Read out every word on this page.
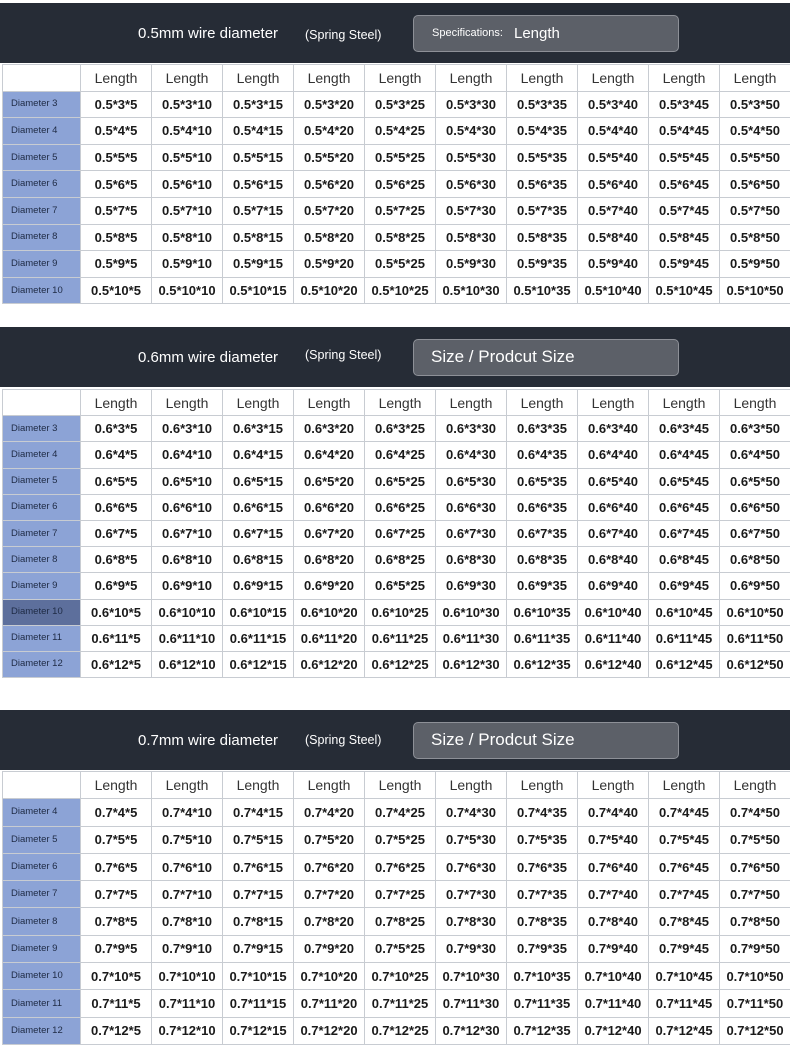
0.5mm wire diameter (Spring Steel)	Specifications: Length
	Length	Length	Length	Length	Length	Length	Length	Length	Length	Length
Diameter 3	0.5*3*5	0.5*3*10	0.5*3*15	0.5*3*20	0.5*3*25	0.5*3*30	0.5*3*35	0.5*3*40	0.5*3*45	0.5*3*50
Diameter 4	0.5*4*5	0.5*4*10	0.5*4*15	0.5*4*20	0.5*4*25	0.5*4*30	0.5*4*35	0.5*4*40	0.5*4*45	0.5*4*50
Diameter 5	0.5*5*5	0.5*5*10	0.5*5*15	0.5*5*20	0.5*5*25	0.5*5*30	0.5*5*35	0.5*5*40	0.5*5*45	0.5*5*50
Diameter 6	0.5*6*5	0.5*6*10	0.5*6*15	0.5*6*20	0.5*6*25	0.5*6*30	0.5*6*35	0.5*6*40	0.5*6*45	0.5*6*50
Diameter 7	0.5*7*5	0.5*7*10	0.5*7*15	0.5*7*20	0.5*7*25	0.5*7*30	0.5*7*35	0.5*7*40	0.5*7*45	0.5*7*50
Diameter 8	0.5*8*5	0.5*8*10	0.5*8*15	0.5*8*20	0.5*8*25	0.5*8*30	0.5*8*35	0.5*8*40	0.5*8*45	0.5*8*50
Diameter 9	0.5*9*5	0.5*9*10	0.5*9*15	0.5*9*20	0.5*5*25	0.5*9*30	0.5*9*35	0.5*9*40	0.5*9*45	0.5*9*50
Diameter 10	0.5*10*5	0.5*10*10	0.5*10*15	0.5*10*20	0.5*10*25	0.5*10*30	0.5*10*35	0.5*10*40	0.5*10*45	0.5*10*50
0.6mm wire diameter (Spring Steel)	Size / Prodcut Size
	Length	Length	Length	Length	Length	Length	Length	Length	Length	Length
Diameter 3	0.6*3*5	0.6*3*10	0.6*3*15	0.6*3*20	0.6*3*25	0.6*3*30	0.6*3*35	0.6*3*40	0.6*3*45	0.6*3*50
Diameter 4	0.6*4*5	0.6*4*10	0.6*4*15	0.6*4*20	0.6*4*25	0.6*4*30	0.6*4*35	0.6*4*40	0.6*4*45	0.6*4*50
Diameter 5	0.6*5*5	0.6*5*10	0.6*5*15	0.6*5*20	0.6*5*25	0.6*5*30	0.6*5*35	0.6*5*40	0.6*5*45	0.6*5*50
Diameter 6	0.6*6*5	0.6*6*10	0.6*6*15	0.6*6*20	0.6*6*25	0.6*6*30	0.6*6*35	0.6*6*40	0.6*6*45	0.6*6*50
Diameter 7	0.6*7*5	0.6*7*10	0.6*7*15	0.6*7*20	0.6*7*25	0.6*7*30	0.6*7*35	0.6*7*40	0.6*7*45	0.6*7*50
Diameter 8	0.6*8*5	0.6*8*10	0.6*8*15	0.6*8*20	0.6*8*25	0.6*8*30	0.6*8*35	0.6*8*40	0.6*8*45	0.6*8*50
Diameter 9	0.6*9*5	0.6*9*10	0.6*9*15	0.6*9*20	0.6*5*25	0.6*9*30	0.6*9*35	0.6*9*40	0.6*9*45	0.6*9*50
Diameter 10	0.6*10*5	0.6*10*10	0.6*10*15	0.6*10*20	0.6*10*25	0.6*10*30	0.6*10*35	0.6*10*40	0.6*10*45	0.6*10*50
Diameter 11	0.6*11*5	0.6*11*10	0.6*11*15	0.6*11*20	0.6*11*25	0.6*11*30	0.6*11*35	0.6*11*40	0.6*11*45	0.6*11*50
Diameter 12	0.6*12*5	0.6*12*10	0.6*12*15	0.6*12*20	0.6*12*25	0.6*12*30	0.6*12*35	0.6*12*40	0.6*12*45	0.6*12*50
0.7mm wire diameter (Spring Steel)	Size / Prodcut Size
	Length	Length	Length	Length	Length	Length	Length	Length	Length	Length
Diameter 4	0.7*4*5	0.7*4*10	0.7*4*15	0.7*4*20	0.7*4*25	0.7*4*30	0.7*4*35	0.7*4*40	0.7*4*45	0.7*4*50
Diameter 5	0.7*5*5	0.7*5*10	0.7*5*15	0.7*5*20	0.7*5*25	0.7*5*30	0.7*5*35	0.7*5*40	0.7*5*45	0.7*5*50
Diameter 6	0.7*6*5	0.7*6*10	0.7*6*15	0.7*6*20	0.7*6*25	0.7*6*30	0.7*6*35	0.7*6*40	0.7*6*45	0.7*6*50
Diameter 7	0.7*7*5	0.7*7*10	0.7*7*15	0.7*7*20	0.7*7*25	0.7*7*30	0.7*7*35	0.7*7*40	0.7*7*45	0.7*7*50
Diameter 8	0.7*8*5	0.7*8*10	0.7*8*15	0.7*8*20	0.7*8*25	0.7*8*30	0.7*8*35	0.7*8*40	0.7*8*45	0.7*8*50
Diameter 9	0.7*9*5	0.7*9*10	0.7*9*15	0.7*9*20	0.7*5*25	0.7*9*30	0.7*9*35	0.7*9*40	0.7*9*45	0.7*9*50
Diameter 10	0.7*10*5	0.7*10*10	0.7*10*15	0.7*10*20	0.7*10*25	0.7*10*30	0.7*10*35	0.7*10*40	0.7*10*45	0.7*10*50
Diameter 11	0.7*11*5	0.7*11*10	0.7*11*15	0.7*11*20	0.7*11*25	0.7*11*30	0.7*11*35	0.7*11*40	0.7*11*45	0.7*11*50
Diameter 12	0.7*12*5	0.7*12*10	0.7*12*15	0.7*12*20	0.7*12*25	0.7*12*30	0.7*12*35	0.7*12*40	0.7*12*45	0.7*12*50
